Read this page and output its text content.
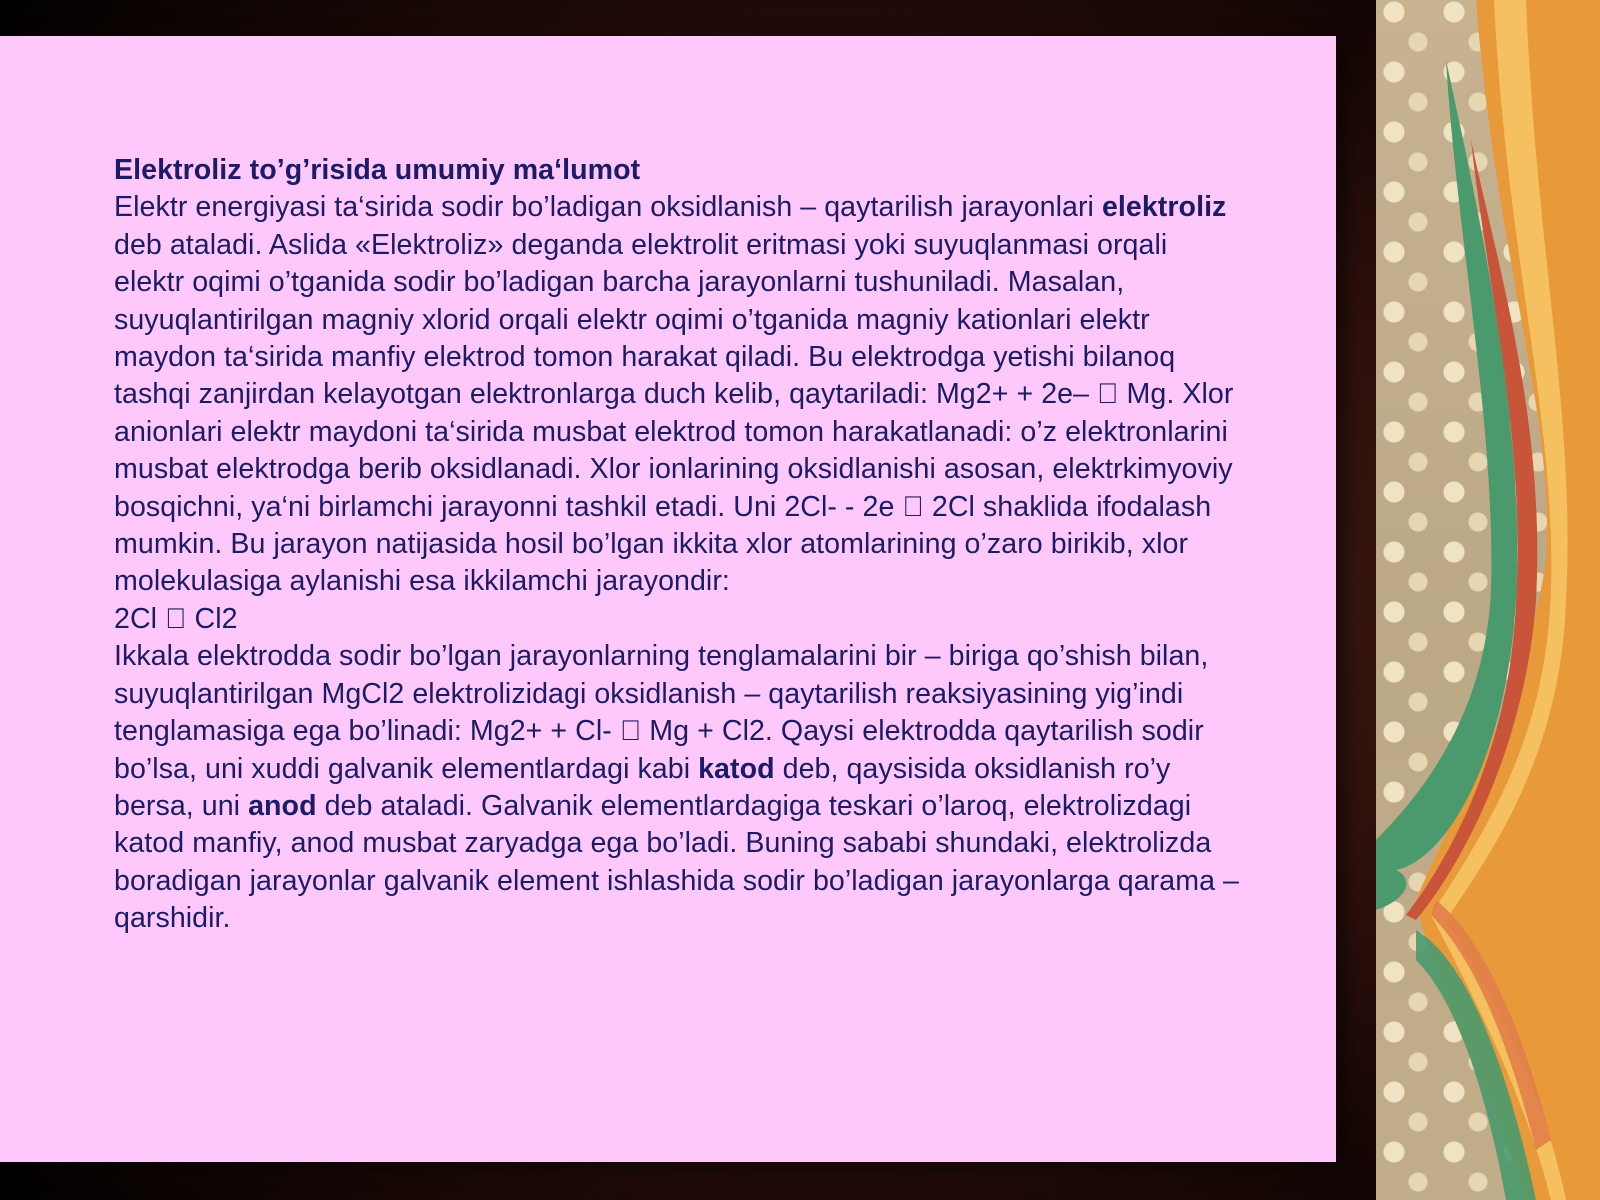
Elektroliz to’g’risida umumiy ma‘lumot
Elektr energiyasi ta‘sirida sodir bo’ladigan oksidlanish – qaytarilish jarayonlari elektroliz deb ataladi. Aslida «Elektroliz» deganda elektrolit eritmasi yoki suyuqlanmasi orqali elektr oqimi o’tganida sodir bo’ladigan barcha jarayonlarni tushuniladi. Masalan, suyuqlantirilgan magniy xlorid orqali elektr oqimi o’tganida magniy kationlari elektr maydon ta‘sirida manfiy elektrod tomon harakat qiladi. Bu elektrodga yetishi bilanoq tashqi zanjirdan kelayotgan elektronlarga duch kelib, qaytariladi: Mg2+ + 2e– Mg. Xlor anionlari elektr maydoni ta‘sirida musbat elektrod tomon harakatlanadi: o’z elektronlarini musbat elektrodga berib oksidlanadi. Xlor ionlarining oksidlanishi asosan, elektrkimyoviy bosqichni, ya‘ni birlamchi jarayonni tashkil etadi. Uni 2Cl- - 2e 2Cl shaklida ifodalash mumkin. Bu jarayon natijasida hosil bo’lgan ikkita xlor atomlarining o’zaro birikib, xlor molekulasiga aylanishi esa ikkilamchi jarayondir:
2Cl Cl2
Ikkala elektrodda sodir bo’lgan jarayonlarning tenglamalarini bir – biriga qo’shish bilan, suyuqlantirilgan MgCl2 elektrolizidagi oksidlanish – qaytarilish reaksiyasining yig’indi tenglamasiga ega bo’linadi: Mg2+ + Cl- Mg + Cl2. Qaysi elektrodda qaytarilish sodir bo’lsa, uni xuddi galvanik elementlardagi kabi katod deb, qaysisida oksidlanish ro’y bersa, uni anod deb ataladi. Galvanik elementlardagiga teskari o’laroq, elektrolizdagi katod manfiy, anod musbat zaryadga ega bo’ladi. Buning sababi shundaki, elektrolizda boradigan jarayonlar galvanik element ishlashida sodir bo’ladigan jarayonlarga qarama – qarshidir.
